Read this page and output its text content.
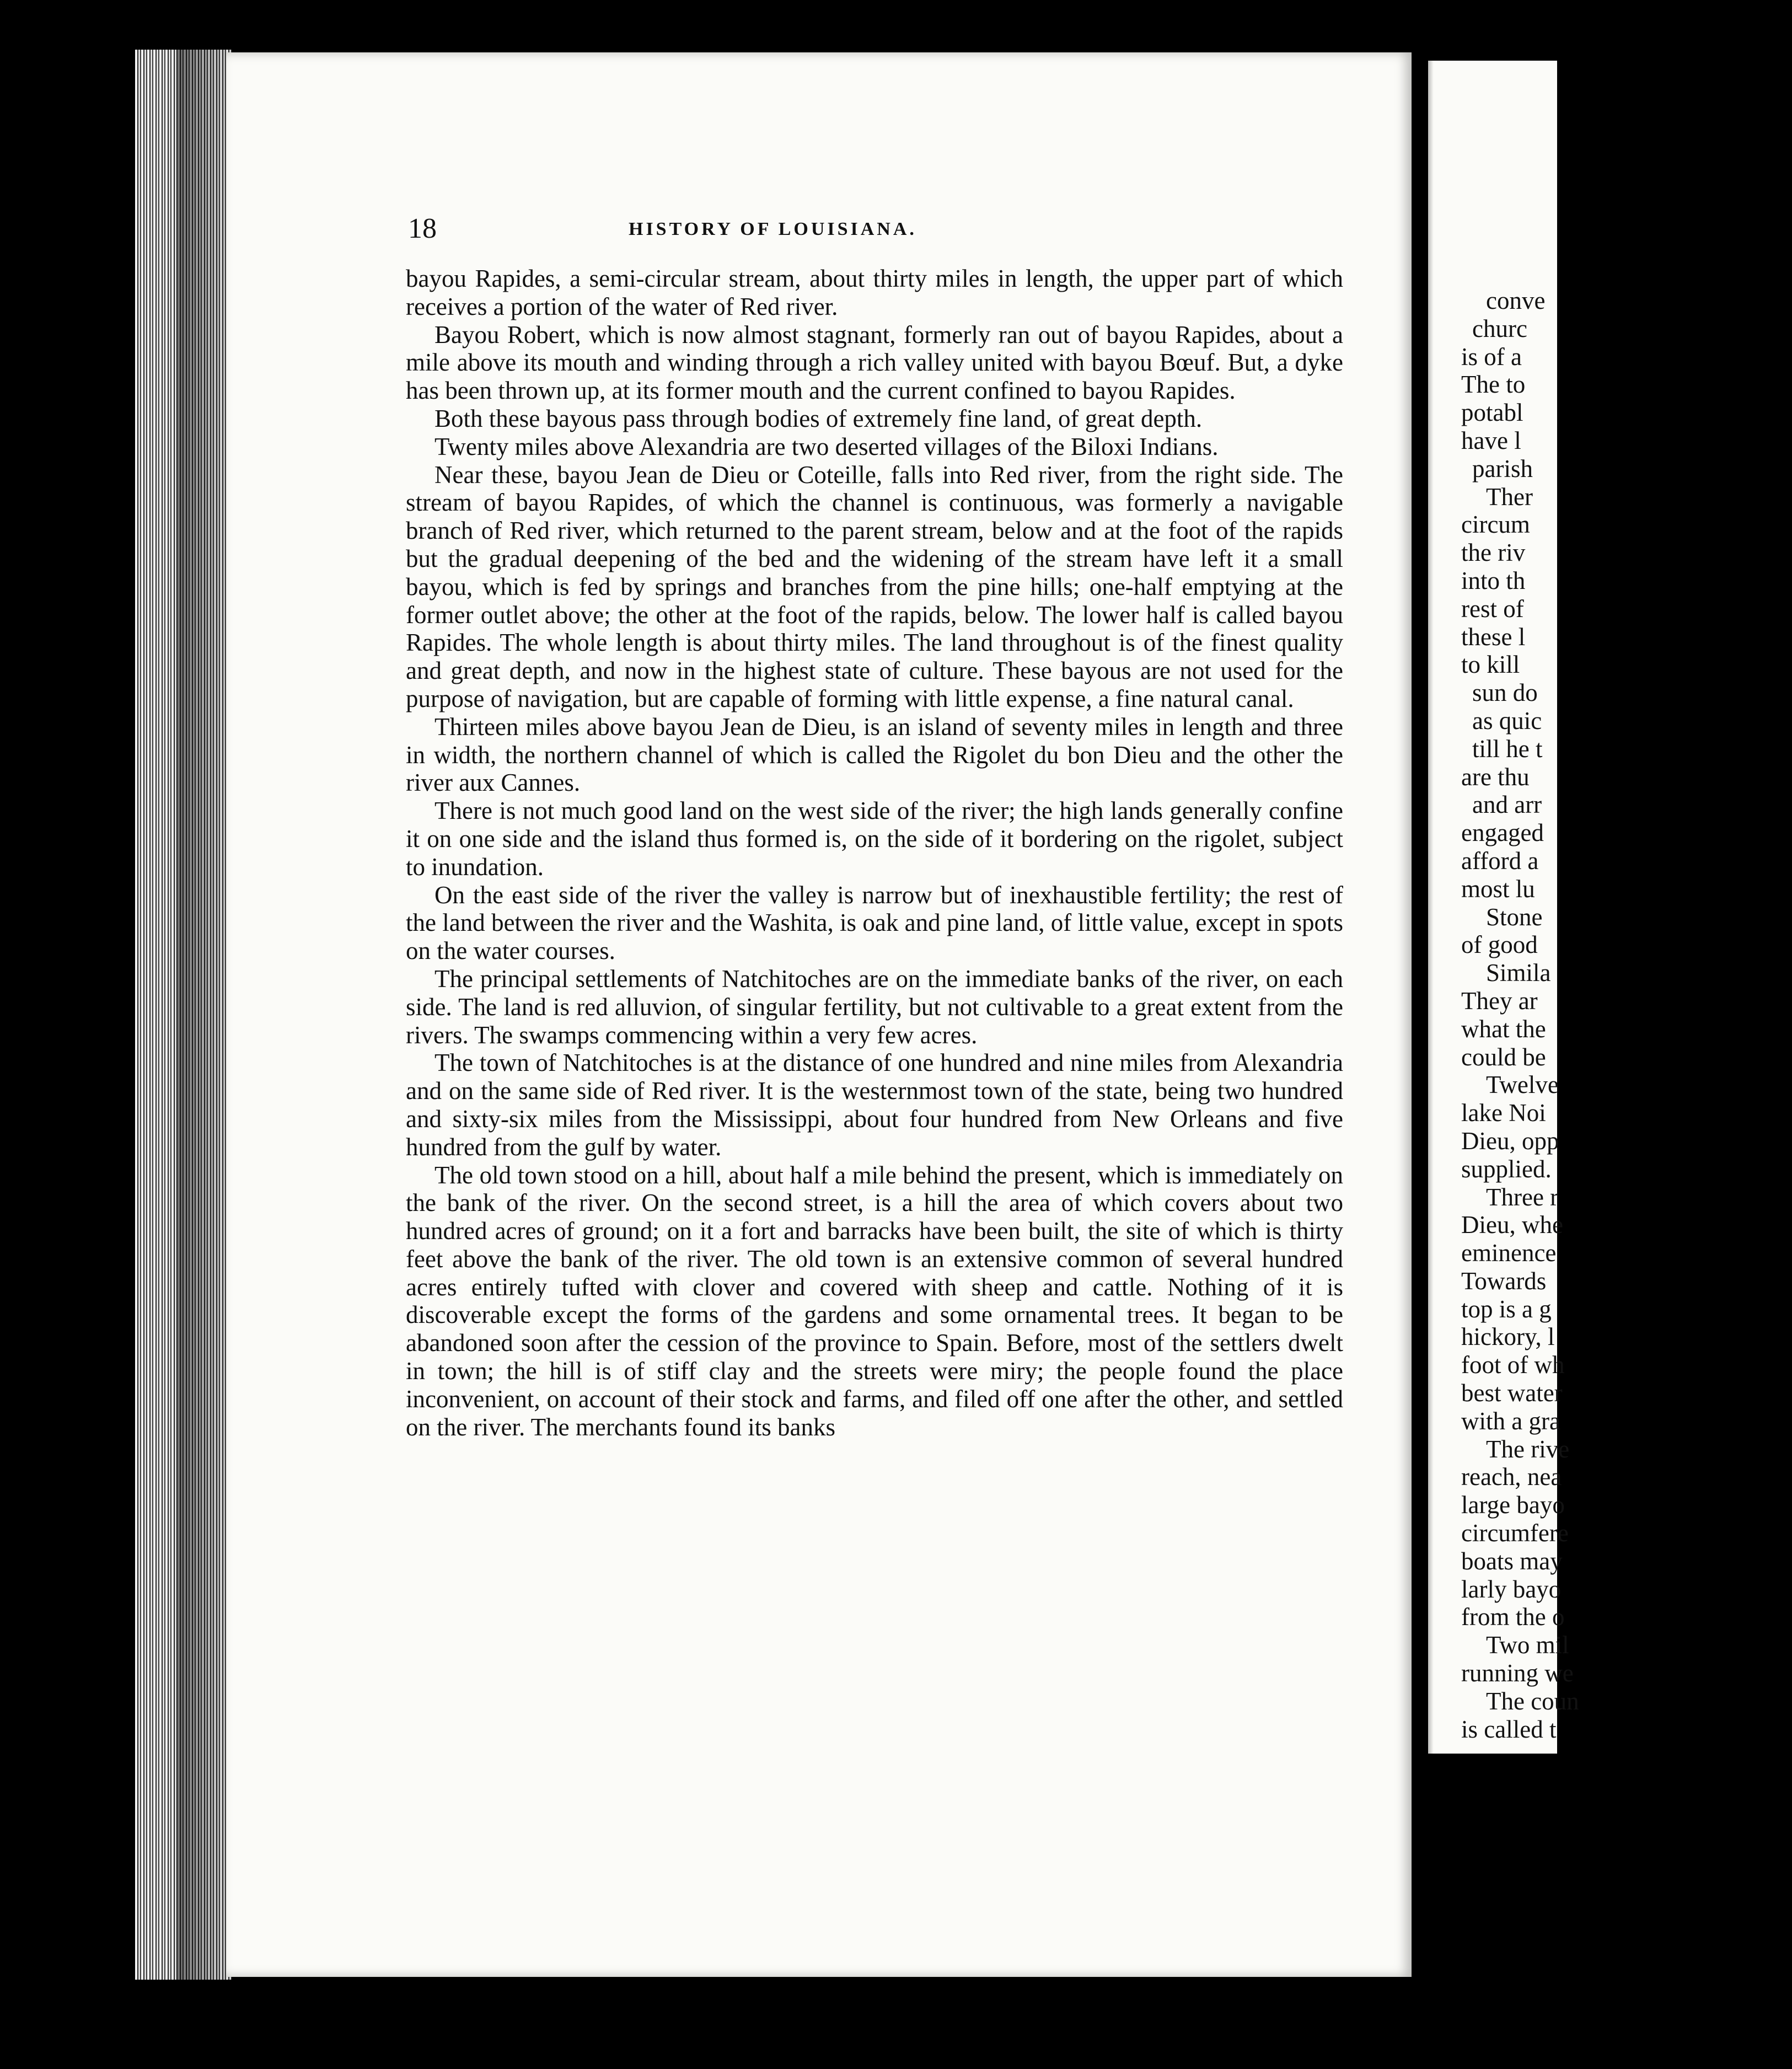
18	HISTORY OF LOUISIANA.

bayou Rapides, a semi-circular stream, about thirty miles in length, the upper part of which receives a portion of the water of Red river.

Bayou Robert, which is now almost stagnant, formerly ran out of bayou Rapides, about a mile above its mouth and winding through a rich valley united with bayou Bœuf. But, a dyke has been thrown up, at its former mouth and the current confined to bayou Rapides.

Both these bayous pass through bodies of extremely fine land, of great depth.

Twenty miles above Alexandria are two deserted villages of the Biloxi Indians.

Near these, bayou Jean de Dieu or Coteille, falls into Red river, from the right side. The stream of bayou Rapides, of which the channel is continuous, was formerly a navigable branch of Red river, which returned to the parent stream, below and at the foot of the rapids but the gradual deepening of the bed and the widening of the stream have left it a small bayou, which is fed by springs and branches from the pine hills; one-half emptying at the former outlet above; the other at the foot of the rapids, below. The lower half is called bayou Rapides. The whole length is about thirty miles. The land throughout is of the finest quality and great depth, and now in the highest state of culture. These bayous are not used for the purpose of navigation, but are capable of forming with little expense, a fine natural canal.

Thirteen miles above bayou Jean de Dieu, is an island of seventy miles in length and three in width, the northern channel of which is called the Rigolet du bon Dieu and the other the river aux Cannes.

There is not much good land on the west side of the river; the high lands generally confine it on one side and the island thus formed is, on the side of it bordering on the rigolet, subject to inundation.

On the east side of the river the valley is narrow but of inexhaustible fertility; the rest of the land between the river and the Washita, is oak and pine land, of little value, except in spots on the water courses.

The principal settlements of Natchitoches are on the immediate banks of the river, on each side. The land is red alluvion, of singular fertility, but not cultivable to a great extent from the rivers. The swamps commencing within a very few acres.

The town of Natchitoches is at the distance of one hundred and nine miles from Alexandria and on the same side of Red river. It is the westernmost town of the state, being two hundred and sixty-six miles from the Mississippi, about four hundred from New Orleans and five hundred from the gulf by water.

The old town stood on a hill, about half a mile behind the present, which is immediately on the bank of the river. On the second street, is a hill the area of which covers about two hundred acres of ground; on it a fort and barracks have been built, the site of which is thirty feet above the bank of the river. The old town is an extensive common of several hundred acres entirely tufted with clover and covered with sheep and cattle. Nothing of it is discoverable except the forms of the gardens and some ornamental trees. It began to be abandoned soon after the cession of the province to Spain. Before, most of the settlers dwelt in town; the hill is of stiff clay and the streets were miry; the people found the place inconvenient, on account of their stock and farms, and filed off one after the other, and settled on the river. The merchants found its banks

conve
churc
is of a
The to
potabl
have l
parish
Ther
circum
the riv
into th
rest of
these l
to kill
sun do
as quic
till he t
are thu
and arr
engaged
afford a
most lu
Stone
of good
Simila
They ar
what the
could be
Twelve
lake Noi
Dieu, opp
supplied.
Three r
Dieu, whe
eminence
Towards
top is a g
hickory, l
foot of wh
best water
with a gra
The rive
reach, nea
large bayo
circumfere
boats may
larly bayo
from the o
Two mil
running we
The coun
is called t
